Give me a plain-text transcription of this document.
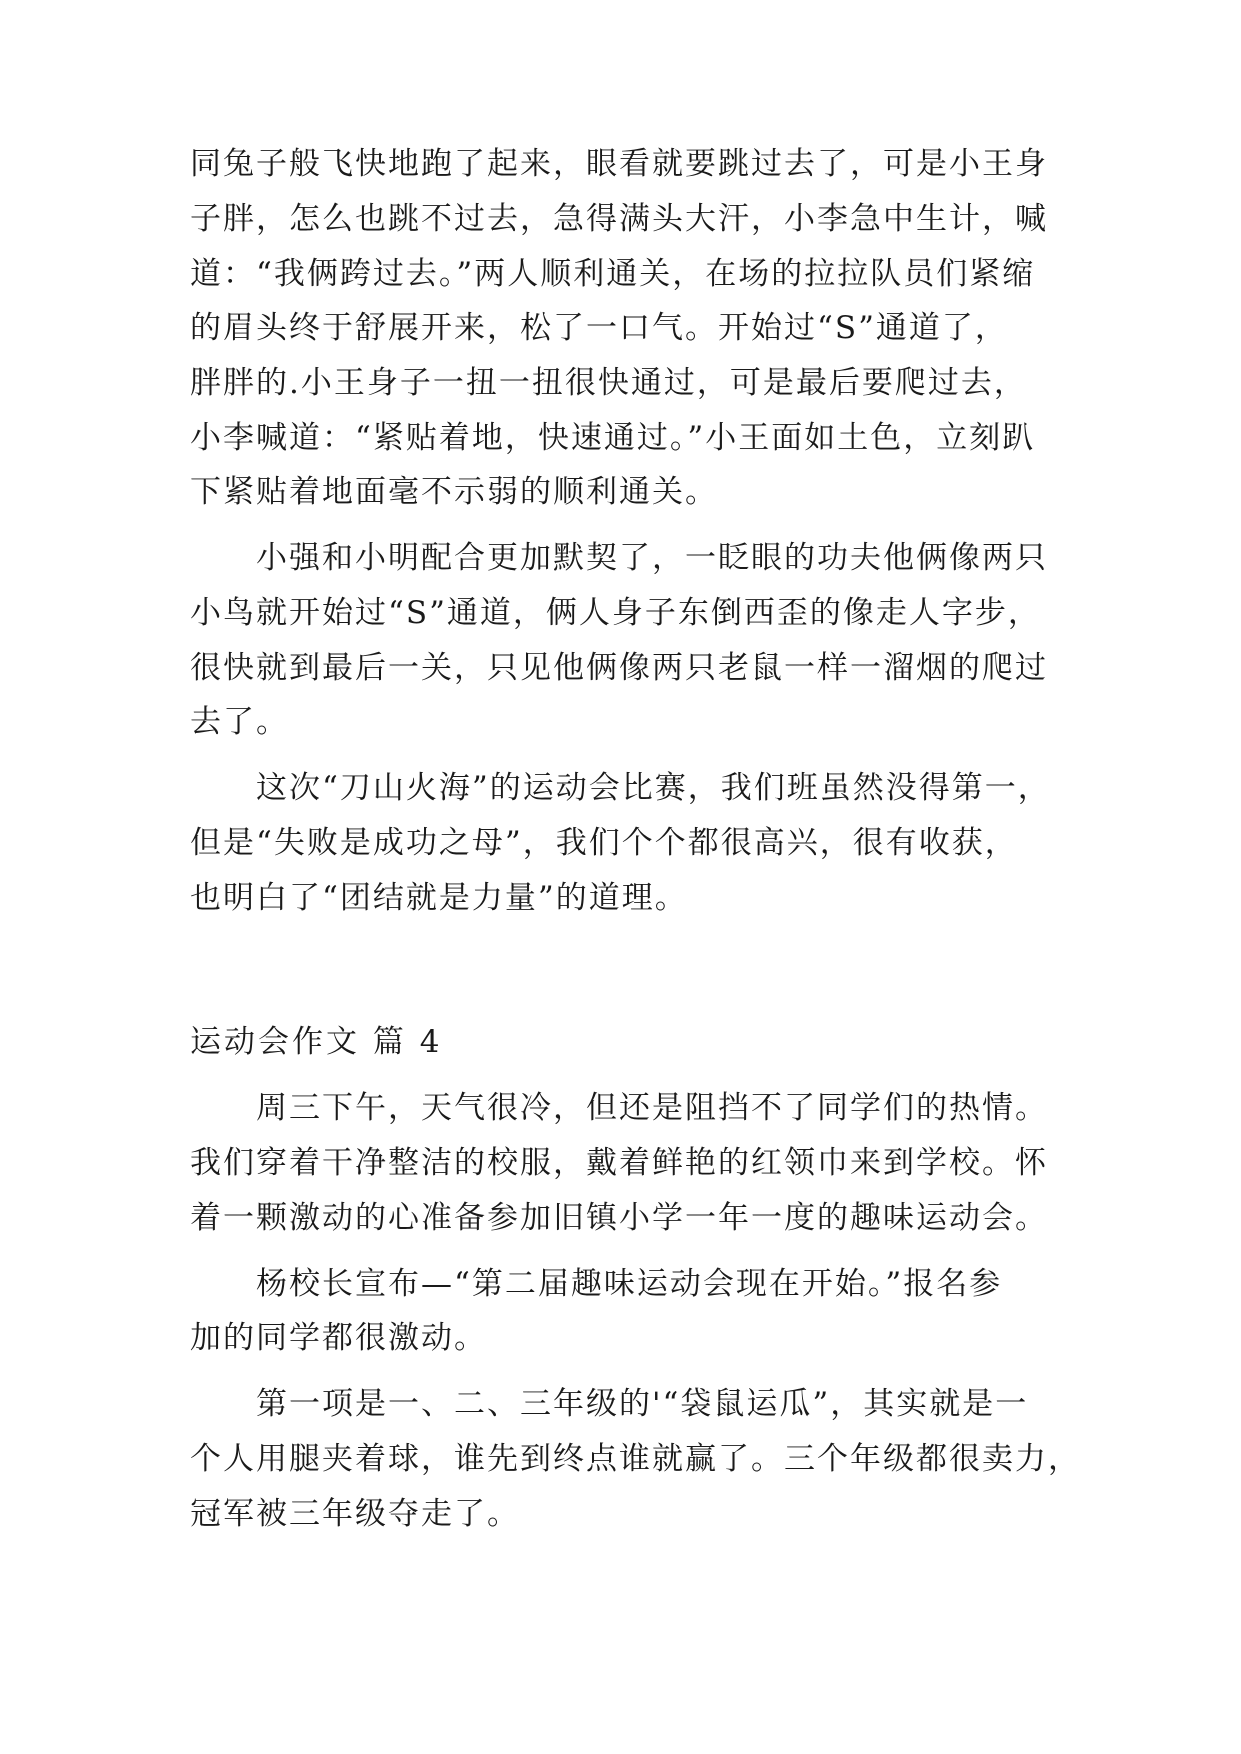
同兔子般飞快地跑了起来，眼看就要跳过去了，可是小王身
子胖，怎么也跳不过去，急得满头大汗，小李急中生计，喊
道：“我俩跨过去。”两人顺利通关，在场的拉拉队员们紧缩
的眉头终于舒展开来，松了一口气。开始过“S”通道了，
胖胖的.小王身子一扭一扭很快通过，可是最后要爬过去，
小李喊道：“紧贴着地，快速通过。”小王面如土色，立刻趴
下紧贴着地面毫不示弱的顺利通关。
小强和小明配合更加默契了，一眨眼的功夫他俩像两只
小鸟就开始过“S”通道，俩人身子东倒西歪的像走人字步，
很快就到最后一关，只见他俩像两只老鼠一样一溜烟的爬过
去了。
这次“刀山火海”的运动会比赛，我们班虽然没得第一，
但是“失败是成功之母”，我们个个都很高兴，很有收获，
也明白了“团结就是力量”的道理。
运动会作文 篇 4
周三下午，天气很冷，但还是阻挡不了同学们的热情。
我们穿着干净整洁的校服，戴着鲜艳的红领巾来到学校。怀
着一颗激动的心准备参加旧镇小学一年一度的趣味运动会。
杨校长宣布—“第二届趣味运动会现在开始。”报名参
加的同学都很激动。
第一项是一、二、三年级的'“袋鼠运瓜”，其实就是一
个人用腿夹着球，谁先到终点谁就赢了。三个年级都很卖力，
冠军被三年级夺走了。
